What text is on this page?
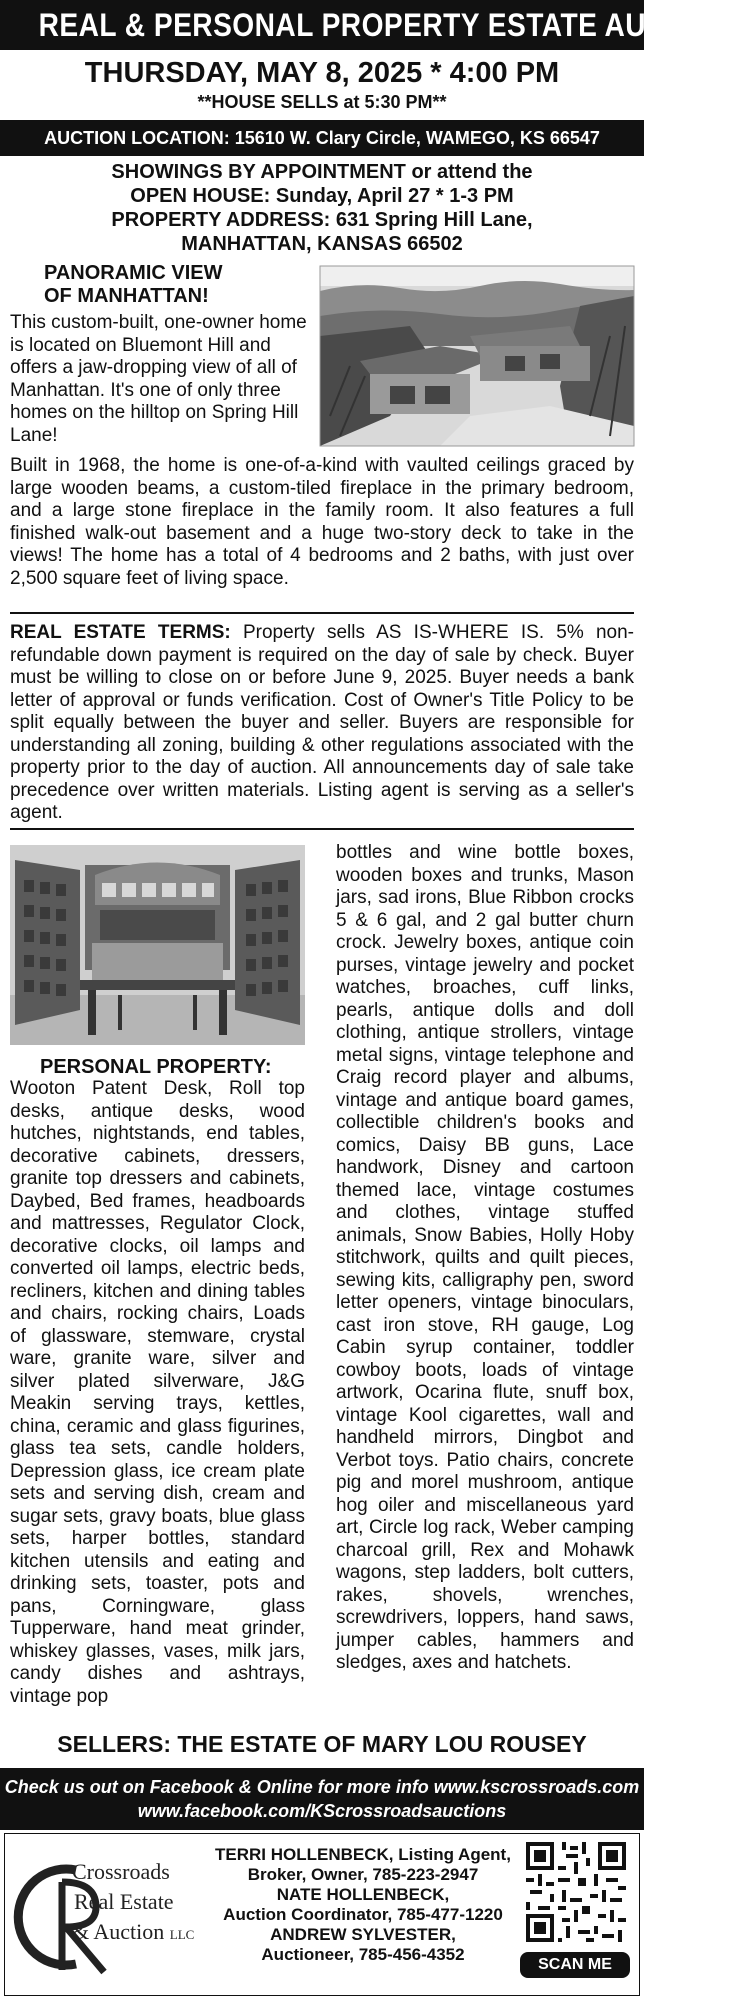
REAL & PERSONAL PROPERTY ESTATE AUCTION
THURSDAY, MAY 8, 2025 * 4:00 PM
**HOUSE SELLS at 5:30 PM**
AUCTION LOCATION: 15610 W. Clary Circle, WAMEGO, KS 66547
SHOWINGS BY APPOINTMENT or attend the
OPEN HOUSE: Sunday, April 27 * 1-3 PM
PROPERTY ADDRESS: 631 Spring Hill Lane,
MANHATTAN, KANSAS 66502
PANORAMIC VIEW
OF MANHATTAN!
This custom-built, one-owner home is located on Bluemont Hill and offers a jaw-dropping view of all of Manhattan. It's one of only three homes on the hilltop on Spring Hill Lane!
Built in 1968, the home is one-of-a-kind with vaulted ceilings graced by large wooden beams, a custom-tiled fireplace in the primary bedroom, and a large stone fireplace in the family room. It also features a full finished walk-out basement and a huge two-story deck to take in the views! The home has a total of 4 bedrooms and 2 baths, with just over 2,500 square feet of living space.
REAL ESTATE TERMS: Property sells AS IS-WHERE IS. 5% non-refundable down payment is required on the day of sale by check. Buyer must be willing to close on or before June 9, 2025. Buyer needs a bank letter of approval or funds verification. Cost of Owner's Title Policy to be split equally between the buyer and seller. Buyers are responsible for understanding all zoning, building & other regulations associated with the property prior to the day of auction. All announcements day of sale take precedence over written materials. Listing agent is serving as a seller's agent.
PERSONAL PROPERTY:
Wooton Patent Desk, Roll top desks, antique desks, wood hutches, nightstands, end tables, decorative cabinets, dressers, granite top dressers and cabinets, Daybed, Bed frames, headboards and mattresses, Regulator Clock, decorative clocks, oil lamps and converted oil lamps, electric beds, recliners, kitchen and dining tables and chairs, rocking chairs, Loads of glassware, stemware, crystal ware, granite ware, silver and silver plated silverware, J&G Meakin serving trays, kettles, china, ceramic and glass figurines, glass tea sets, candle holders, Depression glass, ice cream plate sets and serving dish, cream and sugar sets, gravy boats, blue glass sets, harper bottles, standard kitchen utensils and eating and drinking sets, toaster, pots and pans, Corningware, glass Tupperware, hand meat grinder, whiskey glasses, vases, milk jars, candy dishes and ashtrays, vintage pop
bottles and wine bottle boxes, wooden boxes and trunks, Mason jars, sad irons, Blue Ribbon crocks 5 & 6 gal, and 2 gal butter churn crock. Jewelry boxes, antique coin purses, vintage jewelry and pocket watches, broaches, cuff links, pearls, antique dolls and doll clothing, antique strollers, vintage metal signs, vintage telephone and Craig record player and albums, vintage and antique board games, collectible children's books and comics, Daisy BB guns, Lace handwork, Disney and cartoon themed lace, vintage costumes and clothes, vintage stuffed animals, Snow Babies, Holly Hoby stitchwork, quilts and quilt pieces, sewing kits, calligraphy pen, sword letter openers, vintage binoculars, cast iron stove, RH gauge, Log Cabin syrup container, toddler cowboy boots, loads of vintage artwork, Ocarina flute, snuff box, vintage Kool cigarettes, wall and handheld mirrors, Dingbot and Verbot toys. Patio chairs, concrete pig and morel mushroom, antique hog oiler and miscellaneous yard art, Circle log rack, Weber camping charcoal grill, Rex and Mohawk wagons, step ladders, bolt cutters, rakes, shovels, wrenches, screwdrivers, loppers, hand saws, jumper cables, hammers and sledges, axes and hatchets.
SELLERS: THE ESTATE OF MARY LOU ROUSEY
Check us out on Facebook & Online for more info www.kscrossroads.com
www.facebook.com/KScrossroadsauctions
Crossroads
Real Estate
& Auction LLC
TERRI HOLLENBECK, Listing Agent,
Broker, Owner, 785-223-2947
NATE HOLLENBECK,
Auction Coordinator, 785-477-1220
ANDREW SYLVESTER,
Auctioneer, 785-456-4352
SCAN ME
